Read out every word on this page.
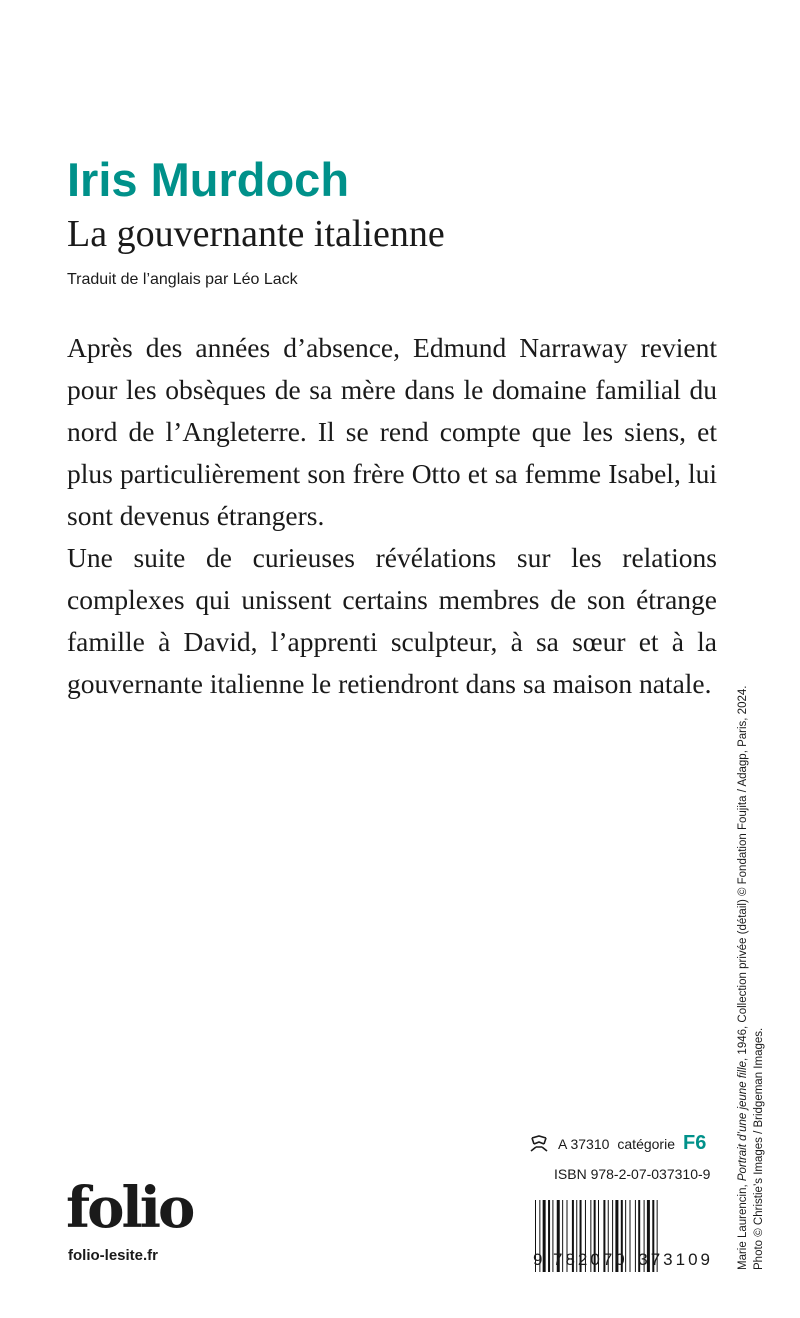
Iris Murdoch
La gouvernante italienne
Traduit de l’anglais par Léo Lack

Après des années d’absence, Edmund Narraway revient pour les obsèques de sa mère dans le domaine familial du nord de l’Angleterre. Il se rend compte que les siens, et plus particulièrement son frère Otto et sa femme Isabel, lui sont devenus étrangers.

Une suite de curieuses révélations sur les relations complexes qui unissent certains membres de son étrange famille à David, l’apprenti sculpteur, à sa sœur et à la gouvernante italienne le retiendront dans sa maison natale.

Marie Laurencin, Portrait d’une jeune fille, 1946, Collection privée (détail) © Fondation Foujita / Adagp, Paris, 2024.
Photo © Christie’s Images / Bridgeman Images.
A 37310 catégorie F6
ISBN 978-2-07-037310-9
9 782070 373109
folio
folio-lesite.fr
